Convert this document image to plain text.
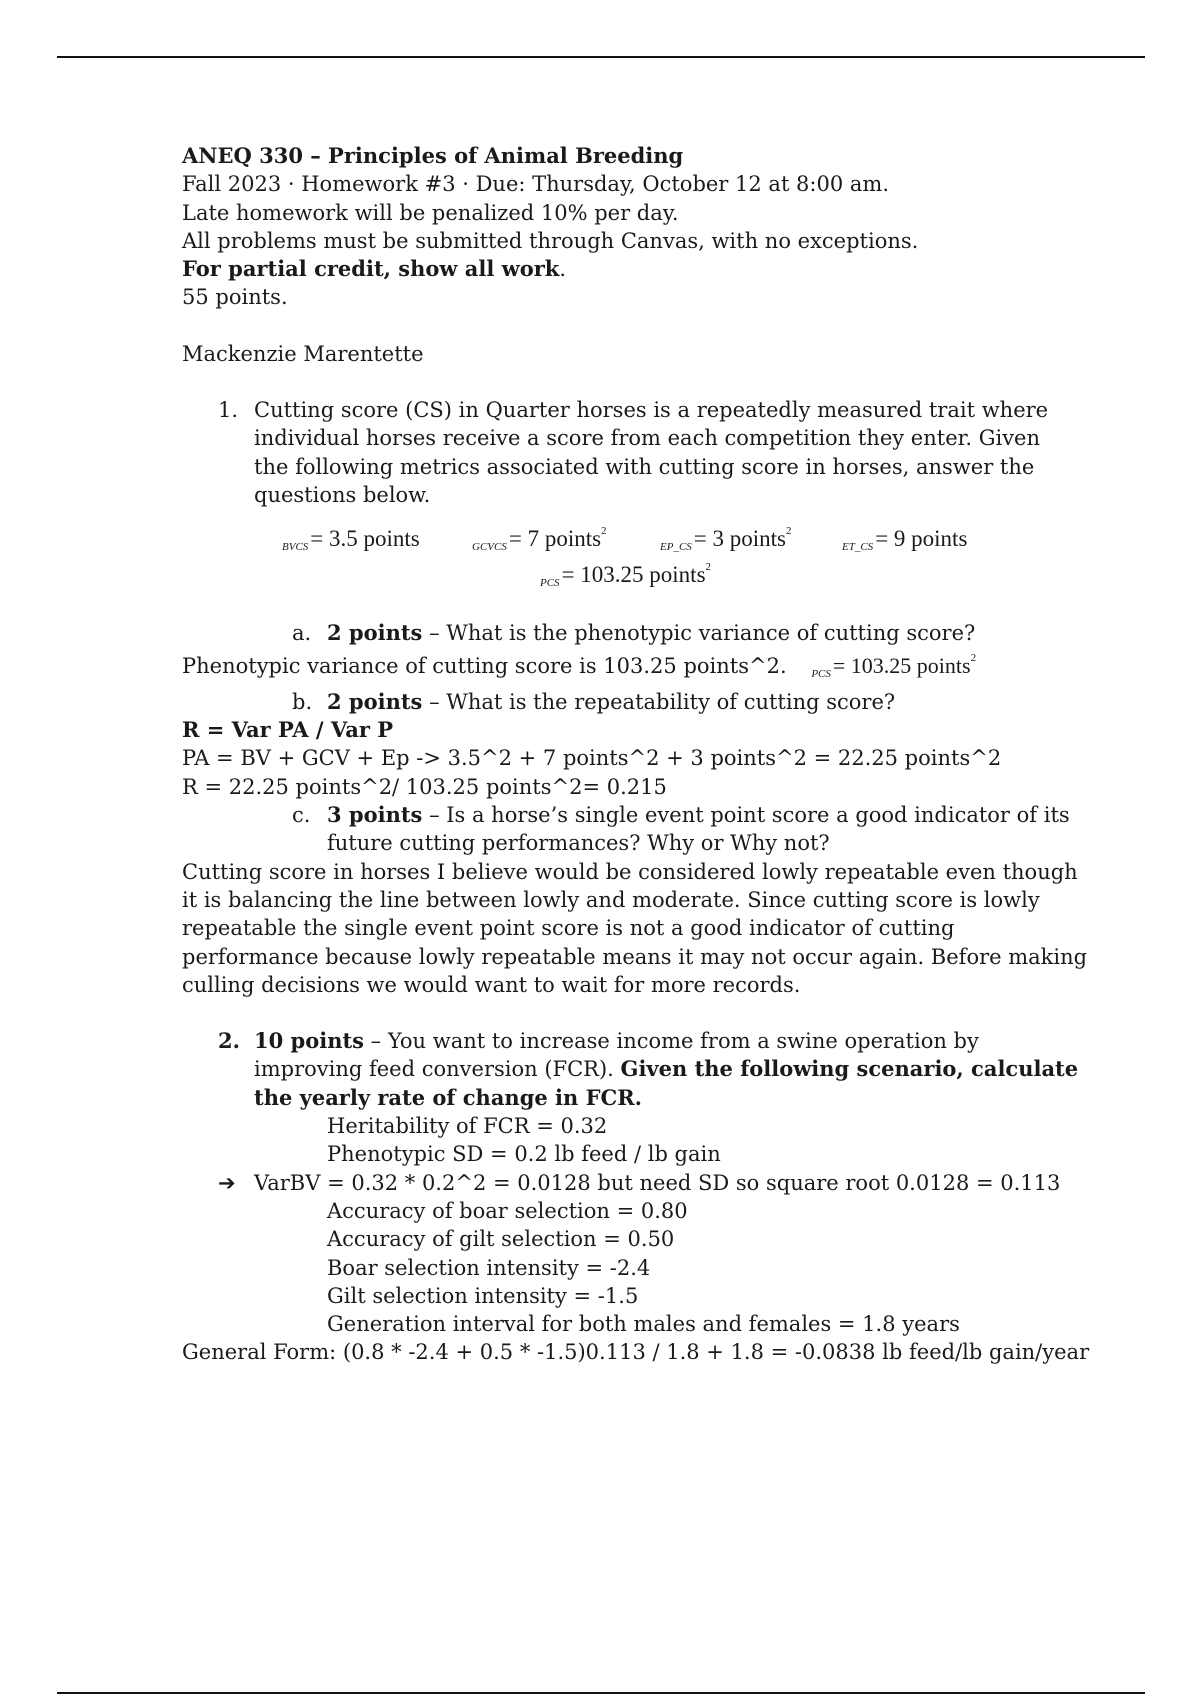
ANEQ 330 – Principles of Animal Breeding
Fall 2023 · Homework #3 · Due: Thursday, October 12 at 8:00 am.
Late homework will be penalized 10% per day.
All problems must be submitted through Canvas, with no exceptions.
For partial credit, show all work.
55 points.
Mackenzie Marentette
1. Cutting score (CS) in Quarter horses is a repeatedly measured trait where
individual horses receive a score from each competition they enter. Given
the following metrics associated with cutting score in horses, answer the
questions below.
BVCS= 3.5 points	GCVCS= 7 points$^2$
EP_CS= 3 points$^2$
ET_CS= 9 points
PCS= 103.25 points$^2$
a. 2 points – What is the phenotypic variance of cutting score?
Phenotypic variance of cutting score is 103.25 points^2. PCS= 103.25 points$^2$
b. 2 points – What is the repeatability of cutting score?
R = Var PA / Var P
PA = BV + GCV + Ep -> 3.5^2 + 7 points^2 + 3 points^2 = 22.25 points^2
R = 22.25 points^2/ 103.25 points^2= 0.215
c. 3 points – Is a horse’s single event point score a good indicator of its
future cutting performances? Why or Why not?
Cutting score in horses I believe would be considered lowly repeatable even though
it is balancing the line between lowly and moderate. Since cutting score is lowly
repeatable the single event point score is not a good indicator of cutting
performance because lowly repeatable means it may not occur again. Before making
culling decisions we would want to wait for more records.
2. 10 points – You want to increase income from a swine operation by
improving feed conversion (FCR). Given the following scenario, calculate
the yearly rate of change in FCR.
Heritability of FCR = 0.32
Phenotypic SD = 0.2 lb feed / lb gain
➔ VarBV = 0.32 * 0.2^2 = 0.0128 but need SD so square root 0.0128 = 0.113
Accuracy of boar selection = 0.80
Accuracy of gilt selection = 0.50
Boar selection intensity = -2.4
Gilt selection intensity = -1.5
Generation interval for both males and females = 1.8 years
General Form: (0.8 * -2.4 + 0.5 * -1.5)0.113 / 1.8 + 1.8 = -0.0838 lb feed/lb gain/year
